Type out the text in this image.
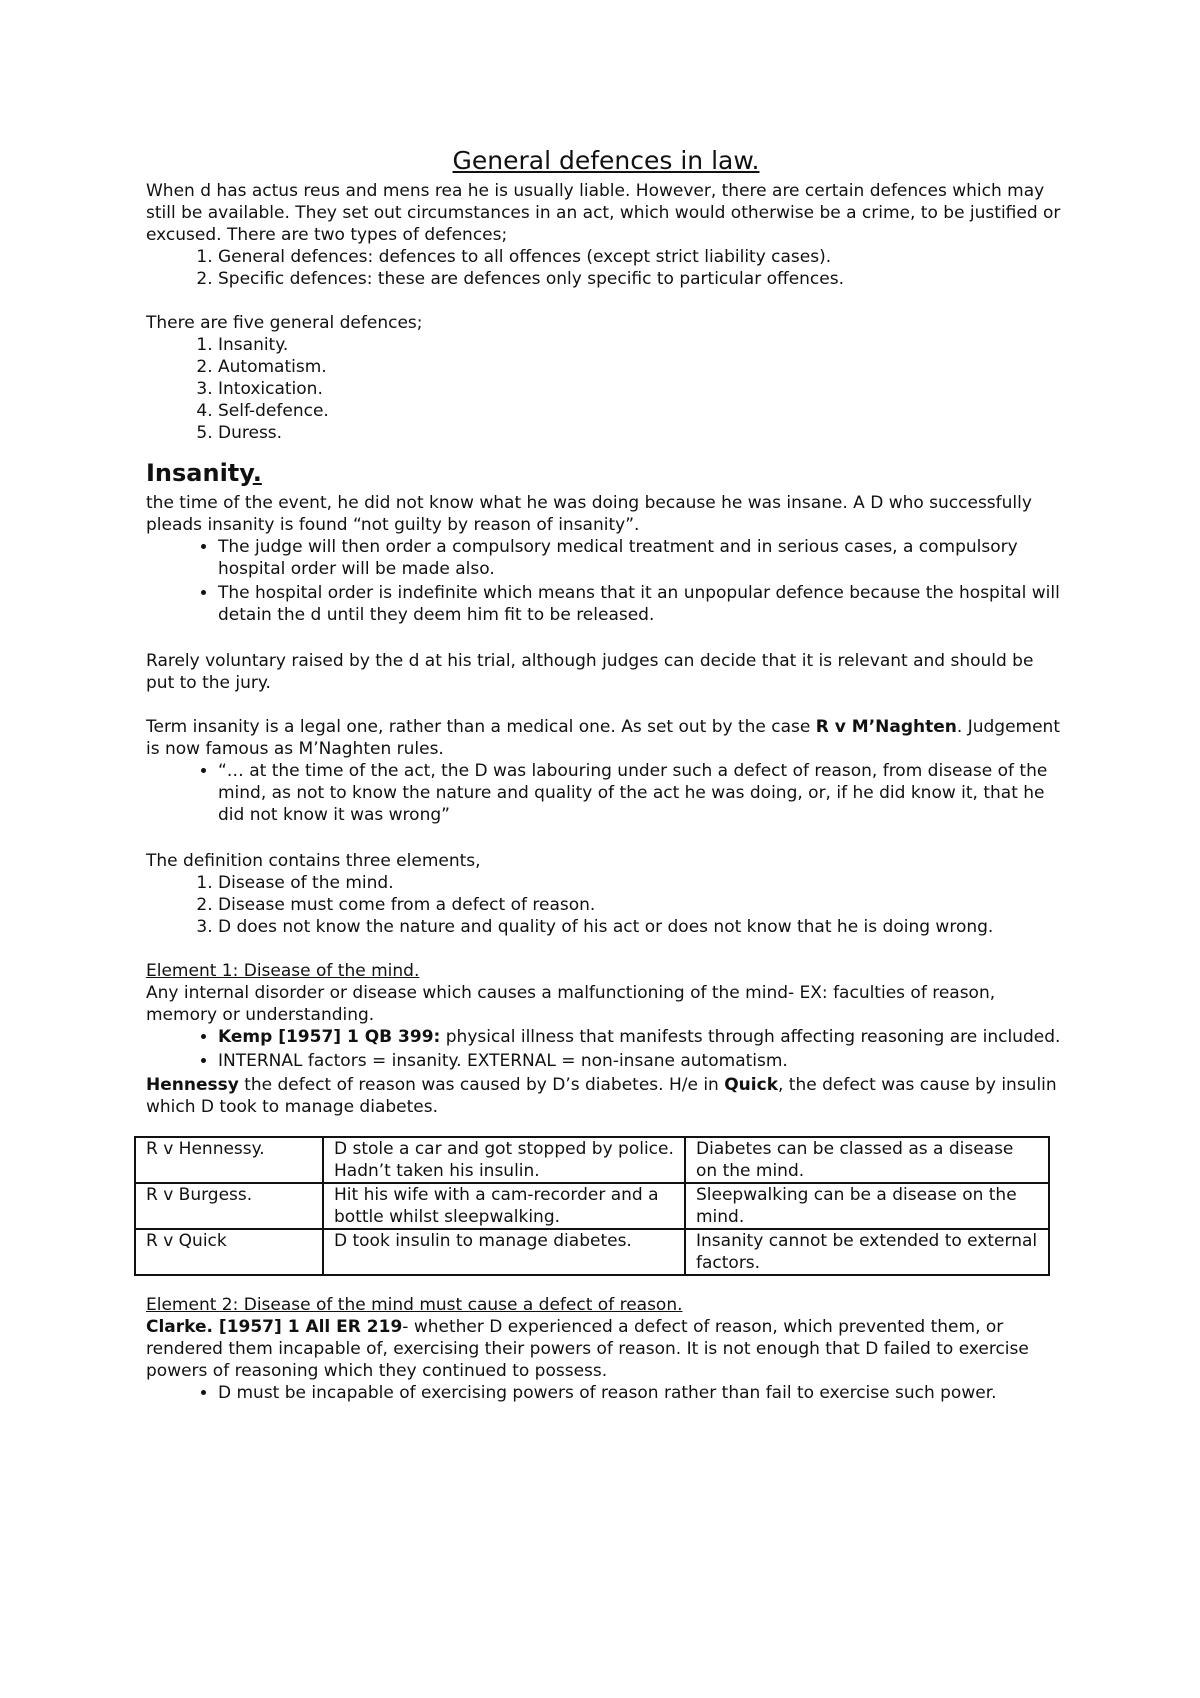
General defences in law.

When d has actus reus and mens rea he is usually liable. However, there are certain defences which may still be available. They set out circumstances in an act, which would otherwise be a crime, to be justified or excused. There are two types of defences;

1. General defences: defences to all offences (except strict liability cases).
2. Specific defences: these are defences only specific to particular offences.

There are five general defences;

1. Insanity.
2. Automatism.
3. Intoxication.
4. Self-defence.
5. Duress.
Insanity.

the time of the event, he did not know what he was doing because he was insane. A D who successfully pleads insanity is found “not guilty by reason of insanity”.

• The judge will then order a compulsory medical treatment and in serious cases, a compulsory hospital order will be made also.
• The hospital order is indefinite which means that it an unpopular defence because the hospital will detain the d until they deem him fit to be released.

Rarely voluntary raised by the d at his trial, although judges can decide that it is relevant and should be put to the jury.

Term insanity is a legal one, rather than a medical one. As set out by the case R v M’Naghten. Judgement is now famous as M’Naghten rules.

• “… at the time of the act, the D was labouring under such a defect of reason, from disease of the mind, as not to know the nature and quality of the act he was doing, or, if he did know it, that he did not know it was wrong”

The definition contains three elements,

1. Disease of the mind.
2. Disease must come from a defect of reason.
3. D does not know the nature and quality of his act or does not know that he is doing wrong.

Element 1: Disease of the mind.

Any internal disorder or disease which causes a malfunctioning of the mind- EX: faculties of reason, memory or understanding.

• Kemp [1957] 1 QB 399: physical illness that manifests through affecting reasoning are included.
• INTERNAL factors = insanity. EXTERNAL = non-insane automatism.

Hennessy the defect of reason was caused by D’s diabetes. H/e in Quick, the defect was cause by insulin which D took to manage diabetes.

R v Hennessy.	D stole a car and got stopped by police. Hadn’t taken his insulin.	Diabetes can be classed as a disease on the mind.
R v Burgess.	Hit his wife with a cam-recorder and a bottle whilst sleepwalking.	Sleepwalking can be a disease on the mind.
R v Quick	D took insulin to manage diabetes.	Insanity cannot be extended to external factors.

Element 2: Disease of the mind must cause a defect of reason.

Clarke. [1957] 1 All ER 219- whether D experienced a defect of reason, which prevented them, or rendered them incapable of, exercising their powers of reason. It is not enough that D failed to exercise powers of reasoning which they continued to possess.

• D must be incapable of exercising powers of reason rather than fail to exercise such power.
